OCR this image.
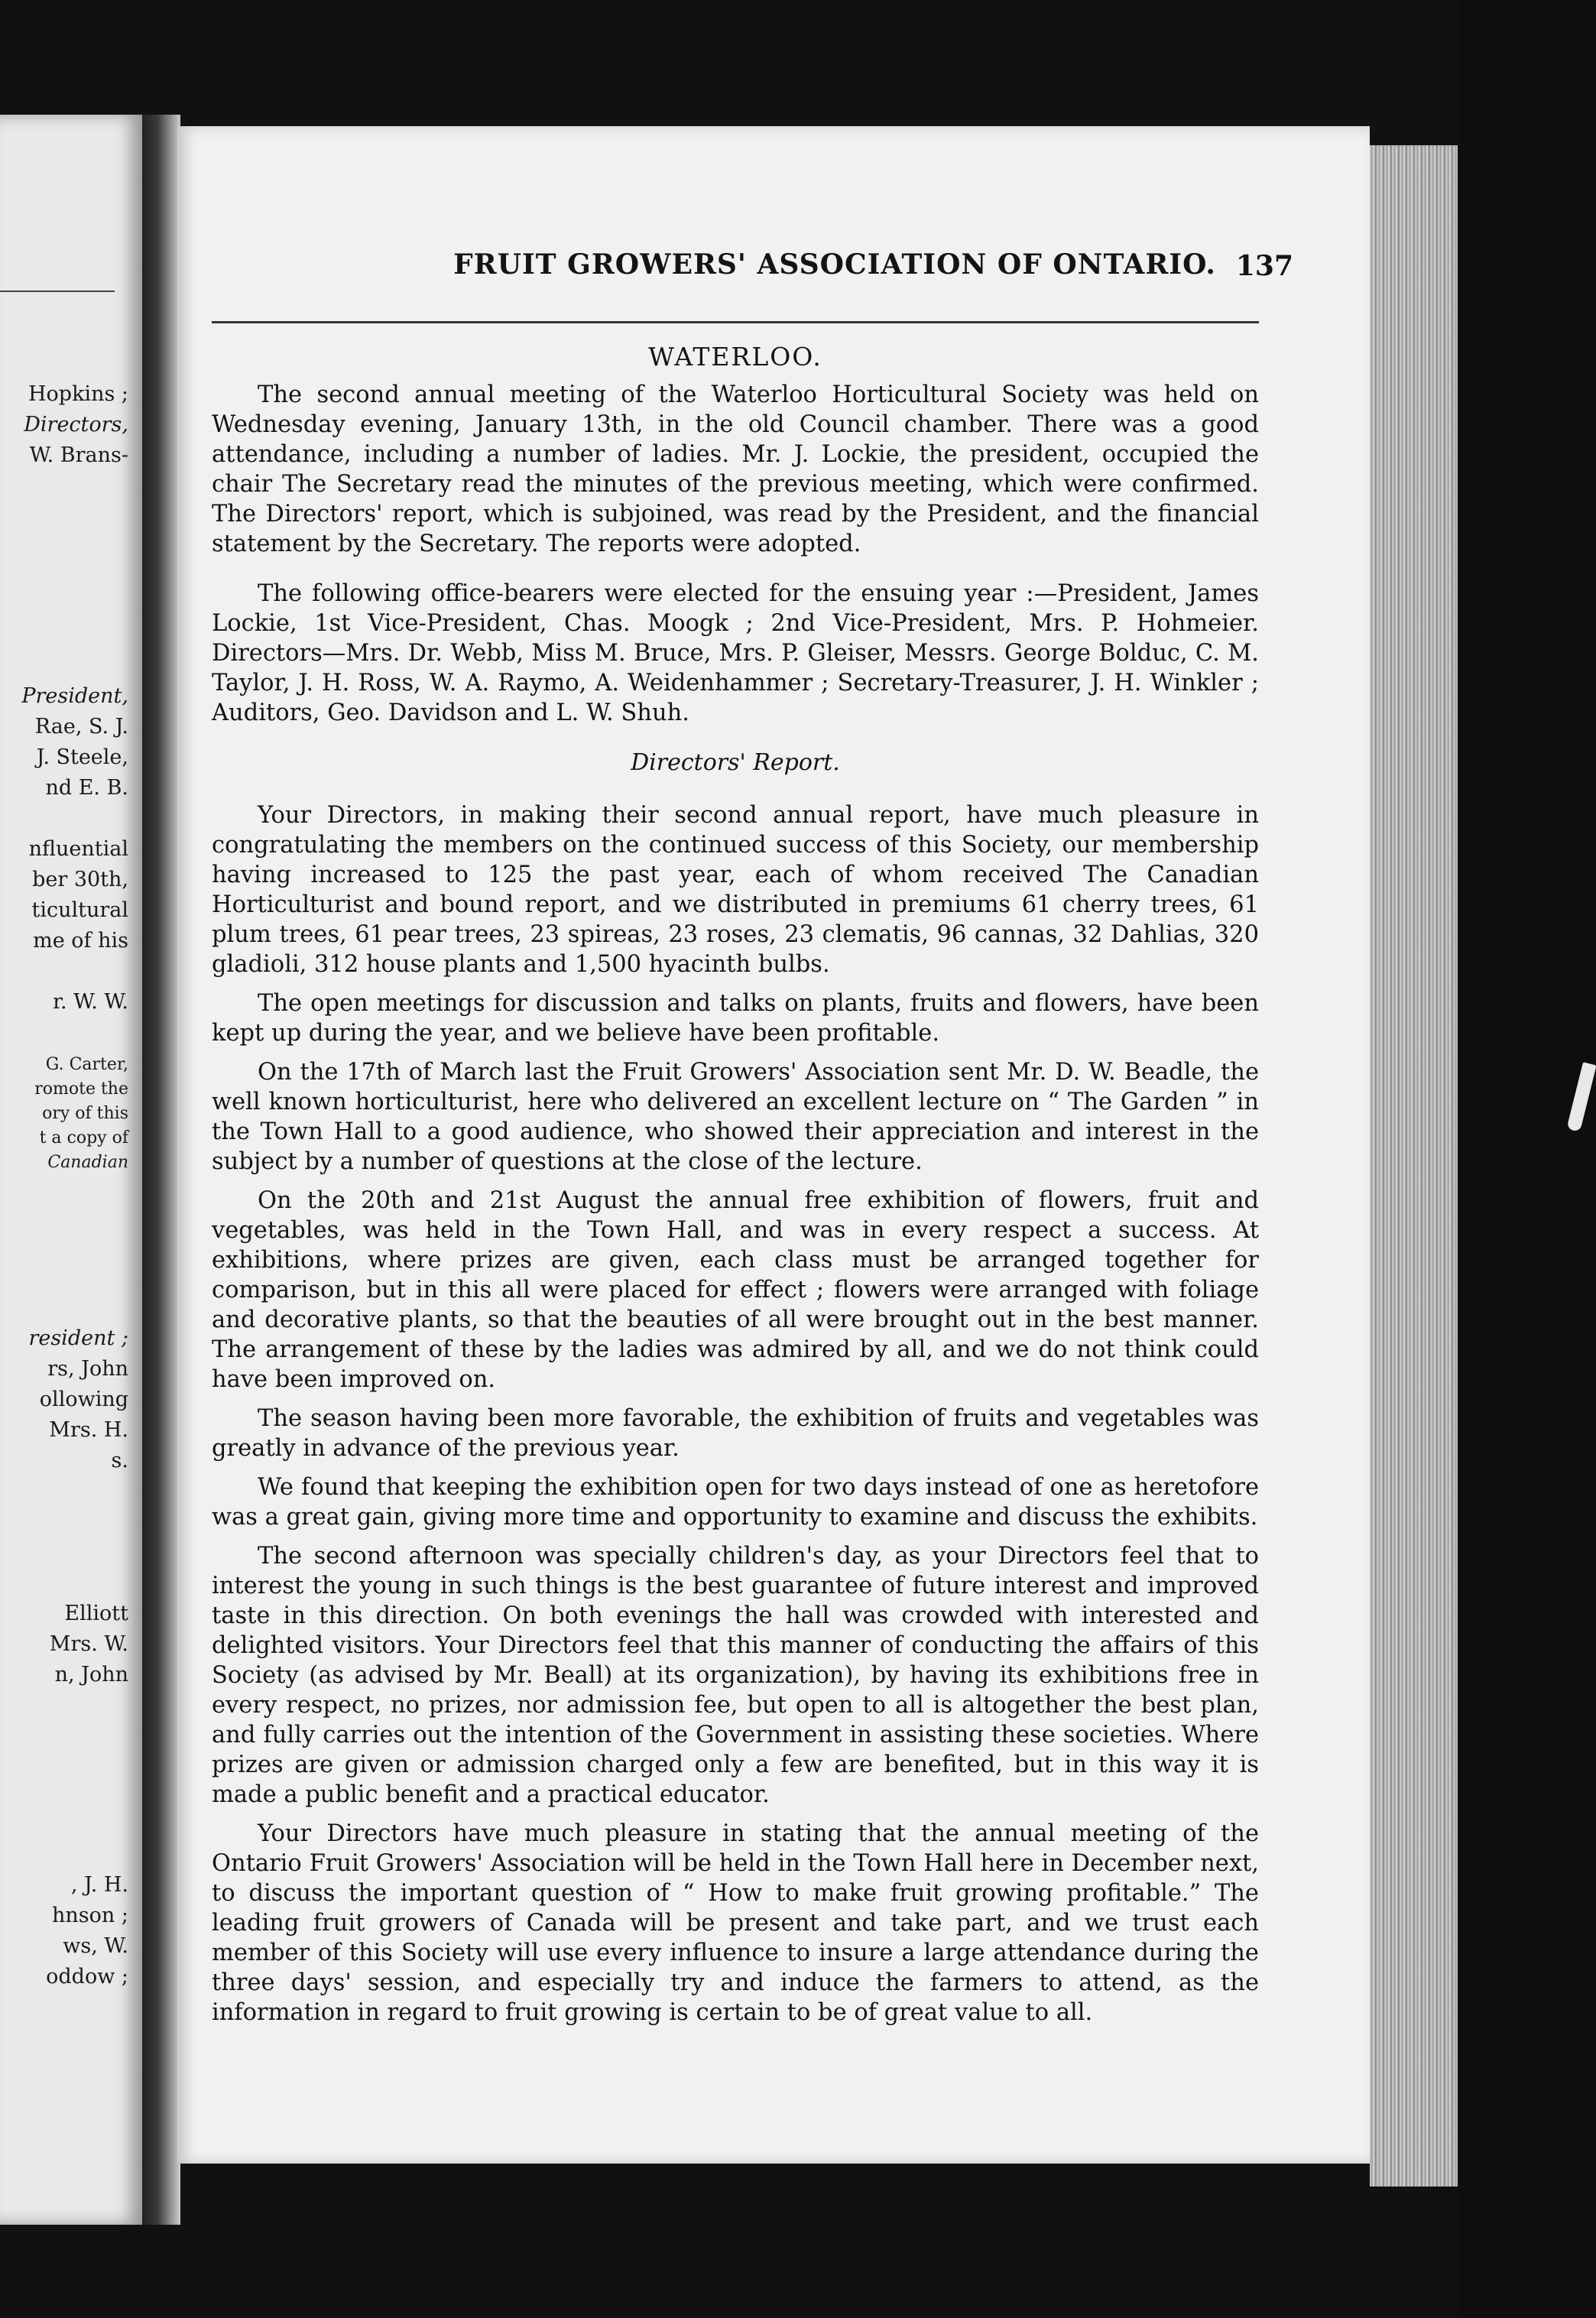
Hopkins ;
Directors,
W. Brans-
President,
Rae, S. J.
J. Steele,
nd E. B.
nfluential
ber 30th,
ticultural
me of his
r. W. W.
G. Carter,
romote the
ory of this
t a copy of
Canadian
resident ;
rs, John
ollowing
Mrs. H.
s.
Elliott
Mrs. W.
n, John
, J. H.
hnson ;
ws, W.
oddow ;
FRUIT GROWERS' ASSOCIATION OF ONTARIO. 137
WATERLOO.

The second annual meeting of the Waterloo Horticultural Society was held on Wednesday evening, January 13th, in the old Council chamber. There was a good attendance, including a number of ladies. Mr. J. Lockie, the president, occupied the chair The Secretary read the minutes of the previous meeting, which were confirmed. The Directors' report, which is subjoined, was read by the President, and the financial statement by the Secretary. The reports were adopted.

The following office-bearers were elected for the ensuing year :—President, James Lockie, 1st Vice-President, Chas. Moogk ; 2nd Vice-President, Mrs. P. Hohmeier. Directors—Mrs. Dr. Webb, Miss M. Bruce, Mrs. P. Gleiser, Messrs. George Bolduc, C. M. Taylor, J. H. Ross, W. A. Raymo, A. Weidenhammer ; Secretary-Treasurer, J. H. Winkler ; Auditors, Geo. Davidson and L. W. Shuh.

Directors' Report.

Your Directors, in making their second annual report, have much pleasure in congratulating the members on the continued success of this Society, our membership having increased to 125 the past year, each of whom received The Canadian Horticulturist and bound report, and we distributed in premiums 61 cherry trees, 61 plum trees, 61 pear trees, 23 spireas, 23 roses, 23 clematis, 96 cannas, 32 Dahlias, 320 gladioli, 312 house plants and 1,500 hyacinth bulbs.

The open meetings for discussion and talks on plants, fruits and flowers, have been kept up during the year, and we believe have been profitable.

On the 17th of March last the Fruit Growers' Association sent Mr. D. W. Beadle, the well known horticulturist, here who delivered an excellent lecture on “ The Garden ” in the Town Hall to a good audience, who showed their appreciation and interest in the subject by a number of questions at the close of the lecture.

On the 20th and 21st August the annual free exhibition of flowers, fruit and vegetables, was held in the Town Hall, and was in every respect a success. At exhibitions, where prizes are given, each class must be arranged together for comparison, but in this all were placed for effect ; flowers were arranged with foliage and decorative plants, so that the beauties of all were brought out in the best manner. The arrangement of these by the ladies was admired by all, and we do not think could have been improved on.

The season having been more favorable, the exhibition of fruits and vegetables was greatly in advance of the previous year.

We found that keeping the exhibition open for two days instead of one as heretofore was a great gain, giving more time and opportunity to examine and discuss the exhibits.

The second afternoon was specially children's day, as your Directors feel that to interest the young in such things is the best guarantee of future interest and improved taste in this direction. On both evenings the hall was crowded with interested and delighted visitors. Your Directors feel that this manner of conducting the affairs of this Society (as advised by Mr. Beall) at its organization), by having its exhibitions free in every respect, no prizes, nor admission fee, but open to all is altogether the best plan, and fully carries out the intention of the Government in assisting these societies. Where prizes are given or admission charged only a few are benefited, but in this way it is made a public benefit and a practical educator.

Your Directors have much pleasure in stating that the annual meeting of the Ontario Fruit Growers' Association will be held in the Town Hall here in December next, to discuss the important question of “ How to make fruit growing profitable.” The leading fruit growers of Canada will be present and take part, and we trust each member of this Society will use every influence to insure a large attendance during the three days' session, and especially try and induce the farmers to attend, as the information in regard to fruit growing is certain to be of great value to all.
